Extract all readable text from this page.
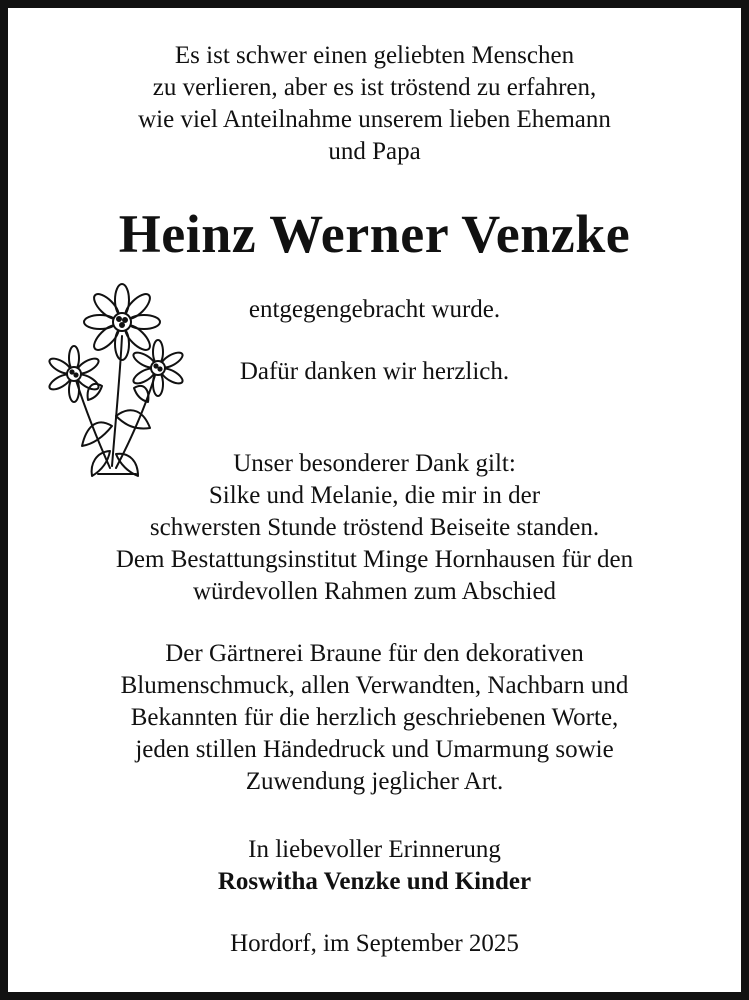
Es ist schwer einen geliebten Menschen
zu verlieren, aber es ist tröstend zu erfahren,
wie viel Anteilnahme unserem lieben Ehemann
und Papa
Heinz Werner Venzke
entgegengebracht wurde.
Dafür danken wir herzlich.
Unser besonderer Dank gilt:
Silke und Melanie, die mir in der
schwersten Stunde tröstend Beiseite standen.
Dem Bestattungsinstitut Minge Hornhausen für den
würdevollen Rahmen zum Abschied
Der Gärtnerei Braune für den dekorativen
Blumenschmuck, allen Verwandten, Nachbarn und
Bekannten für die herzlich geschriebenen Worte,
jeden stillen Händedruck und Umarmung sowie
Zuwendung jeglicher Art.
In liebevoller Erinnerung
Roswitha Venzke und Kinder
Hordorf, im September 2025
